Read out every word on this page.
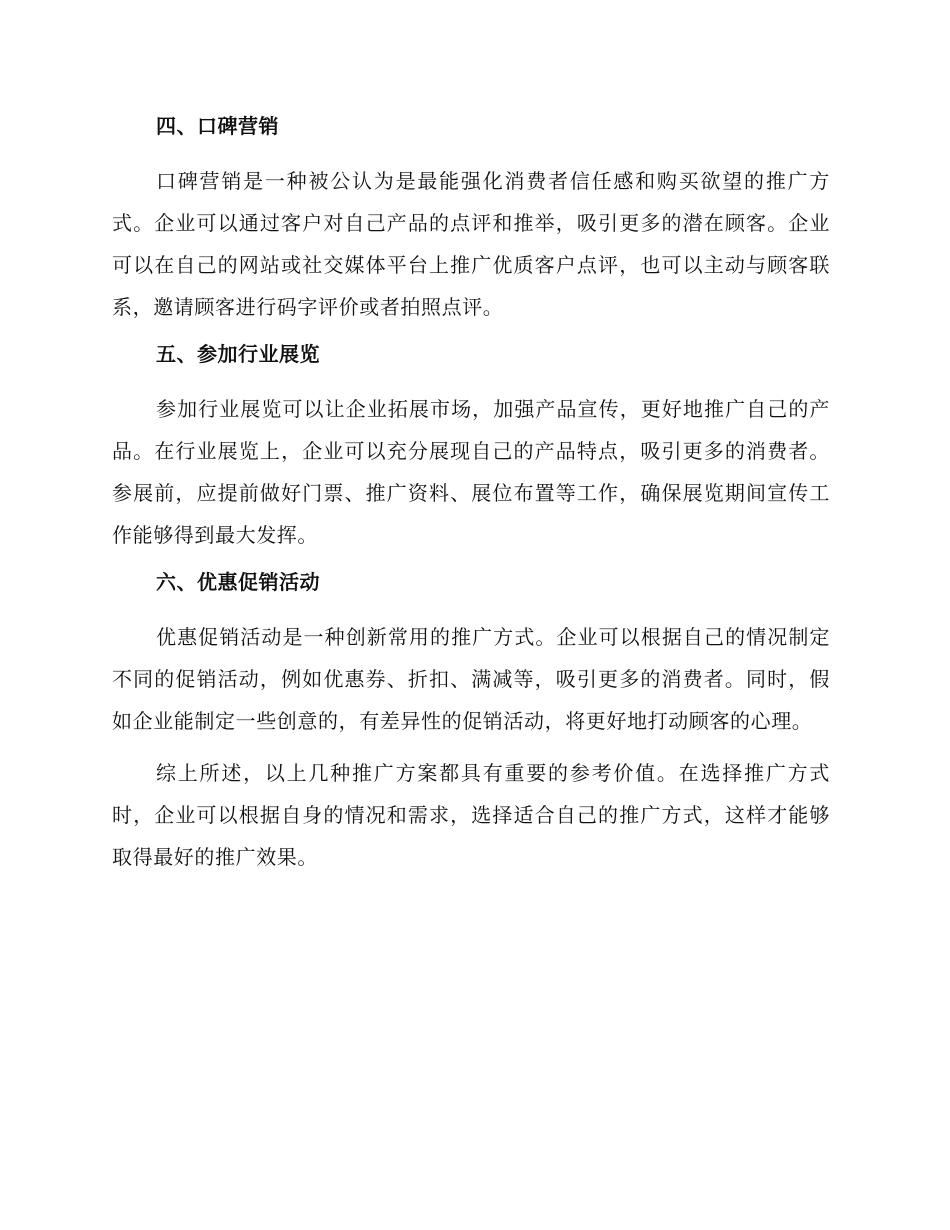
四、口碑营销

口碑营销是一种被公认为是最能强化消费者信任感和购买欲望的推广方式。企业可以通过客户对自己产品的点评和推举，吸引更多的潜在顾客。企业可以在自己的网站或社交媒体平台上推广优质客户点评，也可以主动与顾客联系，邀请顾客进行码字评价或者拍照点评。

五、参加行业展览

参加行业展览可以让企业拓展市场，加强产品宣传，更好地推广自己的产品。在行业展览上，企业可以充分展现自己的产品特点，吸引更多的消费者。参展前，应提前做好门票、推广资料、展位布置等工作，确保展览期间宣传工作能够得到最大发挥。

六、优惠促销活动

优惠促销活动是一种创新常用的推广方式。企业可以根据自己的情况制定不同的促销活动，例如优惠券、折扣、满减等，吸引更多的消费者。同时，假如企业能制定一些创意的，有差异性的促销活动，将更好地打动顾客的心理。

综上所述，以上几种推广方案都具有重要的参考价值。在选择推广方式时，企业可以根据自身的情况和需求，选择适合自己的推广方式，这样才能够取得最好的推广效果。
